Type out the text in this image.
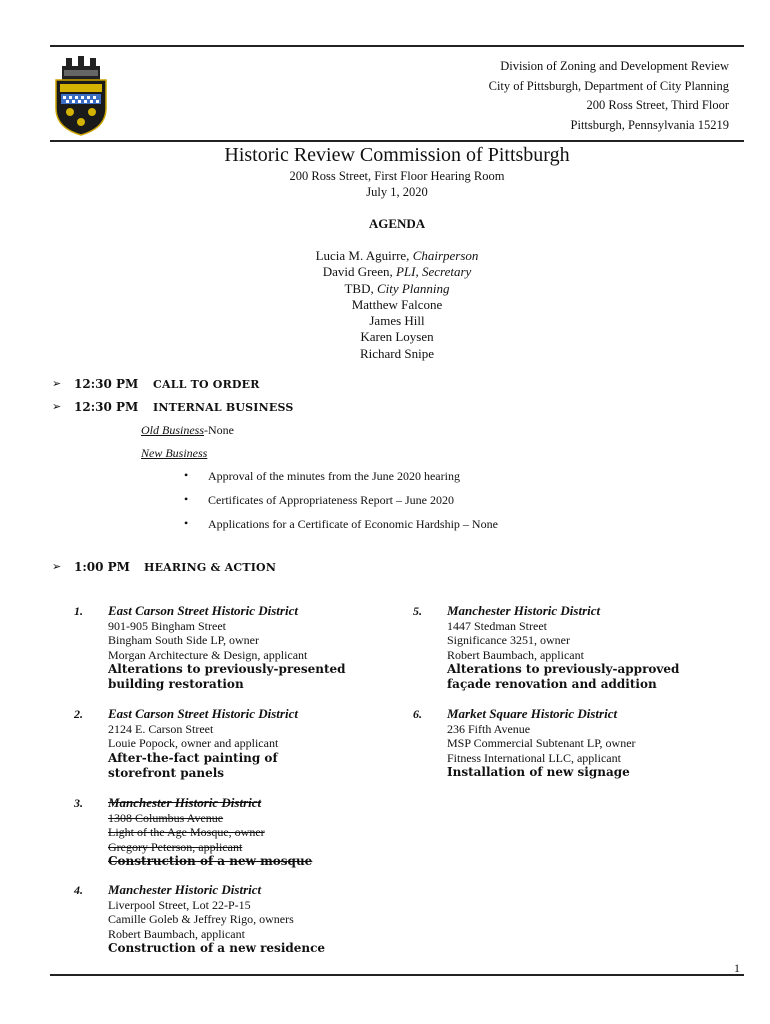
Division of Zoning and Development Review
City of Pittsburgh, Department of City Planning
200 Ross Street, Third Floor
Pittsburgh, Pennsylvania 15219
Historic Review Commission of Pittsburgh
200 Ross Street, First Floor Hearing Room
July 1, 2020
AGENDA
Lucia M. Aguirre, Chairperson
David Green, PLI, Secretary
TBD, City Planning
Matthew Falcone
James Hill
Karen Loysen
Richard Snipe
➢ 12:30 PM CALL TO ORDER
➢ 12:30 PM INTERNAL BUSINESS
Old Business-None
New Business
• Approval of the minutes from the June 2020 hearing
• Certificates of Appropriateness Report – June 2020
• Applications for a Certificate of Economic Hardship – None
➢ 1:00 PM HEARING & ACTION
1. East Carson Street Historic District
901-905 Bingham Street
Bingham South Side LP, owner
Morgan Architecture & Design, applicant
Alterations to previously-presented building restoration
2. East Carson Street Historic District
2124 E. Carson Street
Louie Popock, owner and applicant
After-the-fact painting of storefront panels
3. Manchester Historic District
1308 Columbus Avenue
Light of the Age Mosque, owner
Gregory Peterson, applicant
Construction of a new mosque
4. Manchester Historic District
Liverpool Street, Lot 22-P-15
Camille Goleb & Jeffrey Rigo, owners
Robert Baumbach, applicant
Construction of a new residence
5. Manchester Historic District
1447 Stedman Street
Significance 3251, owner
Robert Baumbach, applicant
Alterations to previously-approved façade renovation and addition
6. Market Square Historic District
236 Fifth Avenue
MSP Commercial Subtenant LP, owner
Fitness International LLC, applicant
Installation of new signage
1
